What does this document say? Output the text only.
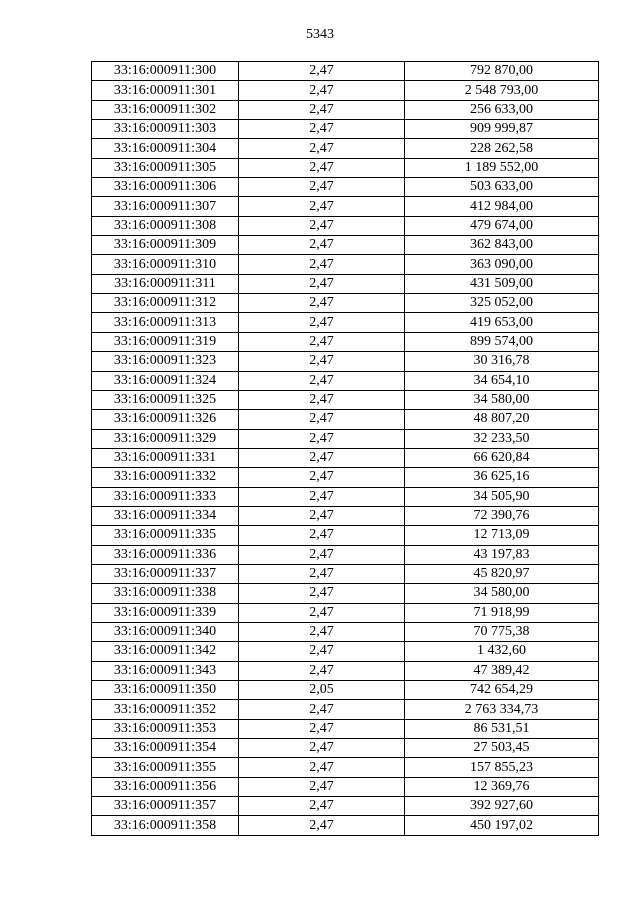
5343
33:16:000911:300	2,47	792 870,00
33:16:000911:301	2,47	2 548 793,00
33:16:000911:302	2,47	256 633,00
33:16:000911:303	2,47	909 999,87
33:16:000911:304	2,47	228 262,58
33:16:000911:305	2,47	1 189 552,00
33:16:000911:306	2,47	503 633,00
33:16:000911:307	2,47	412 984,00
33:16:000911:308	2,47	479 674,00
33:16:000911:309	2,47	362 843,00
33:16:000911:310	2,47	363 090,00
33:16:000911:311	2,47	431 509,00
33:16:000911:312	2,47	325 052,00
33:16:000911:313	2,47	419 653,00
33:16:000911:319	2,47	899 574,00
33:16:000911:323	2,47	30 316,78
33:16:000911:324	2,47	34 654,10
33:16:000911:325	2,47	34 580,00
33:16:000911:326	2,47	48 807,20
33:16:000911:329	2,47	32 233,50
33:16:000911:331	2,47	66 620,84
33:16:000911:332	2,47	36 625,16
33:16:000911:333	2,47	34 505,90
33:16:000911:334	2,47	72 390,76
33:16:000911:335	2,47	12 713,09
33:16:000911:336	2,47	43 197,83
33:16:000911:337	2,47	45 820,97
33:16:000911:338	2,47	34 580,00
33:16:000911:339	2,47	71 918,99
33:16:000911:340	2,47	70 775,38
33:16:000911:342	2,47	1 432,60
33:16:000911:343	2,47	47 389,42
33:16:000911:350	2,05	742 654,29
33:16:000911:352	2,47	2 763 334,73
33:16:000911:353	2,47	86 531,51
33:16:000911:354	2,47	27 503,45
33:16:000911:355	2,47	157 855,23
33:16:000911:356	2,47	12 369,76
33:16:000911:357	2,47	392 927,60
33:16:000911:358	2,47	450 197,02
